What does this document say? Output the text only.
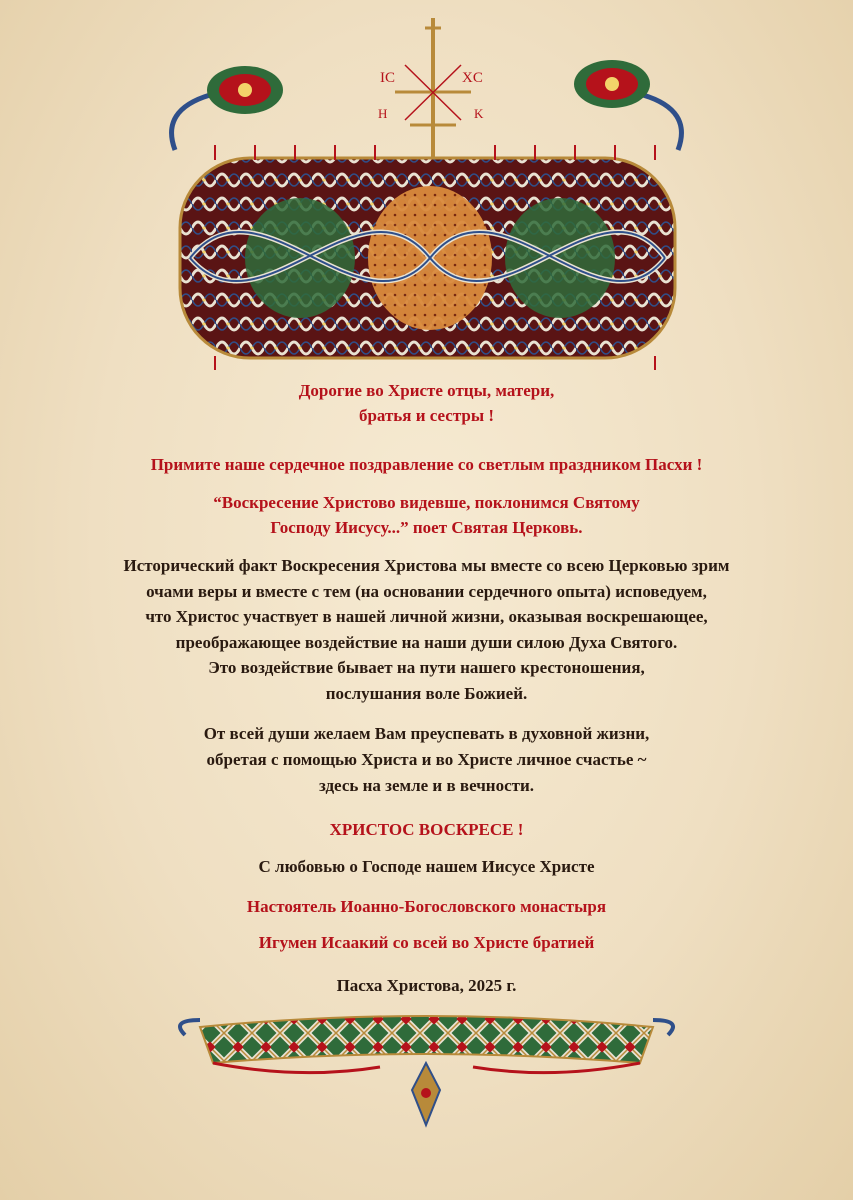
IC	XC
H	K
Дорогие во Христе отцы, матери,
братья и сестры !
Примите наше сердечное поздравление со светлым праздником Пасхи !
“Воскресение Христово видевше, поклонимся Святому
Господу Иисусу...” поет Святая Церковь.
Исторический факт Воскресения Христова мы вместе со всею Церковью зрим
очами веры и вместе с тем (на основании сердечного опыта) исповедуем,
что Христос участвует в нашей личной жизни, оказывая воскрешающее,
преображающее воздействие на наши души силою Духа Святого.
Это воздействие бывает на пути нашего крестоношения,
послушания воле Божией.
От всей души желаем Вам преуспевать в духовной жизни,
обретая с помощью Христа и во Христе личное счастье ~
здесь на земле и в вечности.
ХРИСТОС ВОСКРЕСЕ !
С любовью о Господе нашем Иисусе Христе
Настоятель Иоанно-Богословского монастыря
Игумен Исаакий со всей во Христе братией
Пасха Христова, 2025 г.
